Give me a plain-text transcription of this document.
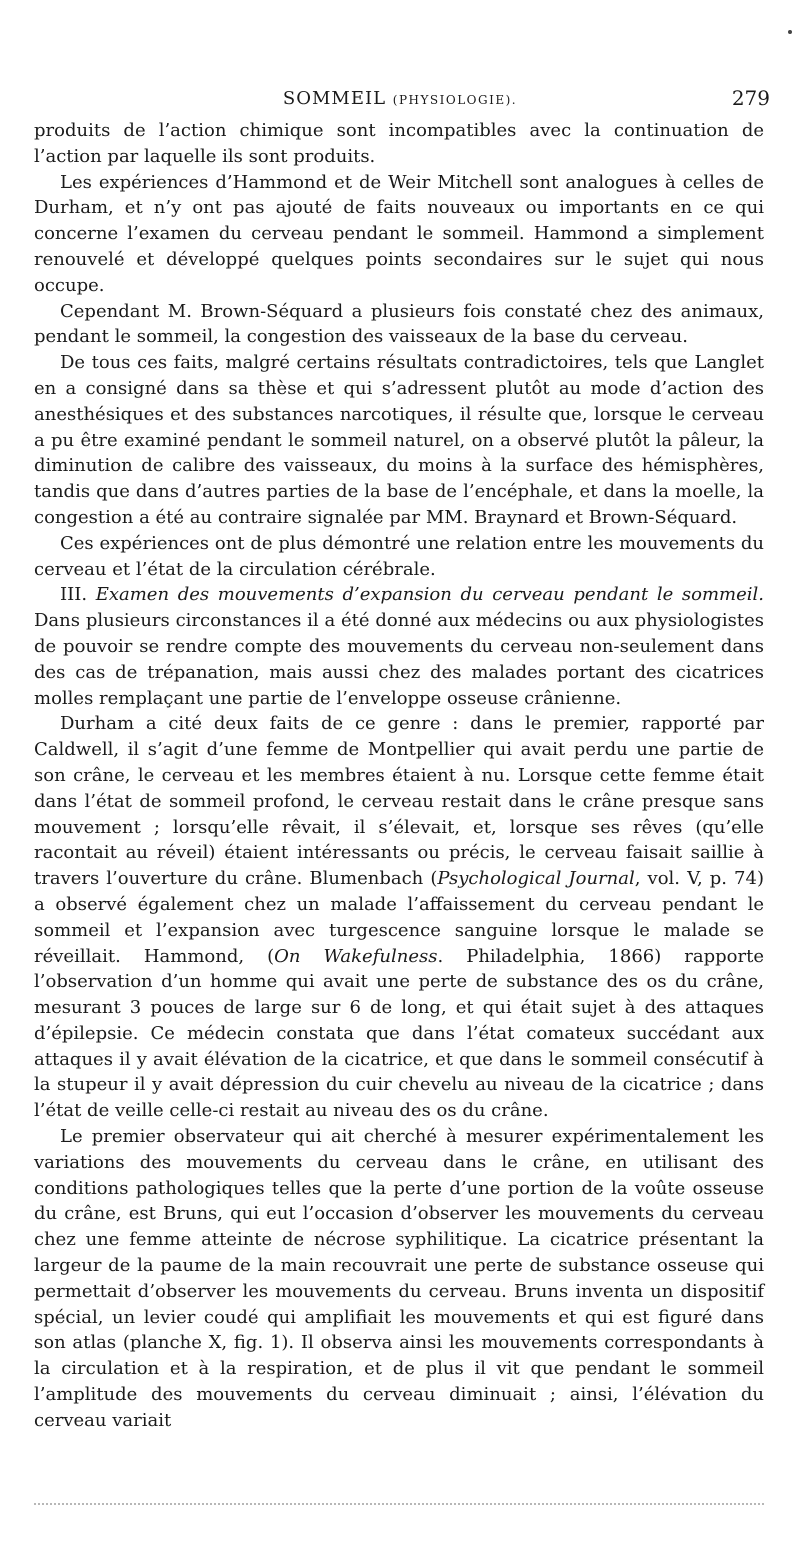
SOMMEIL (PHYSIOLOGIE).	279

produits de l’action chimique sont incompatibles avec la continuation de l’action par laquelle ils sont produits.

Les expériences d’Hammond et de Weir Mitchell sont analogues à celles de Durham, et n’y ont pas ajouté de faits nouveaux ou importants en ce qui concerne l’examen du cerveau pendant le sommeil. Hammond a simplement renouvelé et développé quelques points secondaires sur le sujet qui nous occupe.

Cependant M. Brown-Séquard a plusieurs fois constaté chez des animaux, pendant le sommeil, la congestion des vaisseaux de la base du cerveau.

De tous ces faits, malgré certains résultats contradictoires, tels que Langlet en a consigné dans sa thèse et qui s’adressent plutôt au mode d’action des anesthésiques et des substances narcotiques, il résulte que, lorsque le cerveau a pu être examiné pendant le sommeil naturel, on a observé plutôt la pâleur, la diminution de calibre des vaisseaux, du moins à la surface des hémisphères, tandis que dans d’autres parties de la base de l’encéphale, et dans la moelle, la congestion a été au contraire signalée par MM. Braynard et Brown-Séquard.

Ces expériences ont de plus démontré une relation entre les mouvements du cerveau et l’état de la circulation cérébrale.

III. Examen des mouvements d’expansion du cerveau pendant le sommeil. Dans plusieurs circonstances il a été donné aux médecins ou aux physiologistes de pouvoir se rendre compte des mouvements du cerveau non-seulement dans des cas de trépanation, mais aussi chez des malades portant des cicatrices molles remplaçant une partie de l’enveloppe osseuse crânienne.

Durham a cité deux faits de ce genre : dans le premier, rapporté par Caldwell, il s’agit d’une femme de Montpellier qui avait perdu une partie de son crâne, le cerveau et les membres étaient à nu. Lorsque cette femme était dans l’état de sommeil profond, le cerveau restait dans le crâne presque sans mouvement ; lorsqu’elle rêvait, il s’élevait, et, lorsque ses rêves (qu’elle racontait au réveil) étaient intéressants ou précis, le cerveau faisait saillie à travers l’ouverture du crâne. Blumenbach (Psychological Journal, vol. V, p. 74) a observé également chez un malade l’affaissement du cerveau pendant le sommeil et l’expansion avec turgescence sanguine lorsque le malade se réveillait. Hammond, (On Wakefulness. Philadelphia, 1866) rapporte l’observation d’un homme qui avait une perte de substance des os du crâne, mesurant 3 pouces de large sur 6 de long, et qui était sujet à des attaques d’épilepsie. Ce médecin constata que dans l’état comateux succédant aux attaques il y avait élévation de la cicatrice, et que dans le sommeil consécutif à la stupeur il y avait dépression du cuir chevelu au niveau de la cicatrice ; dans l’état de veille celle-ci restait au niveau des os du crâne.

Le premier observateur qui ait cherché à mesurer expérimentalement les variations des mouvements du cerveau dans le crâne, en utilisant des conditions pathologiques telles que la perte d’une portion de la voûte osseuse du crâne, est Bruns, qui eut l’occasion d’observer les mouvements du cerveau chez une femme atteinte de nécrose syphilitique. La cicatrice présentant la largeur de la paume de la main recouvrait une perte de substance osseuse qui permettait d’observer les mouvements du cerveau. Bruns inventa un dispositif spécial, un levier coudé qui amplifiait les mouvements et qui est figuré dans son atlas (planche X, fig. 1). Il observa ainsi les mouvements correspondants à la circulation et à la respiration, et de plus il vit que pendant le sommeil l’amplitude des mouvements du cerveau diminuait ; ainsi, l’élévation du cerveau variait
